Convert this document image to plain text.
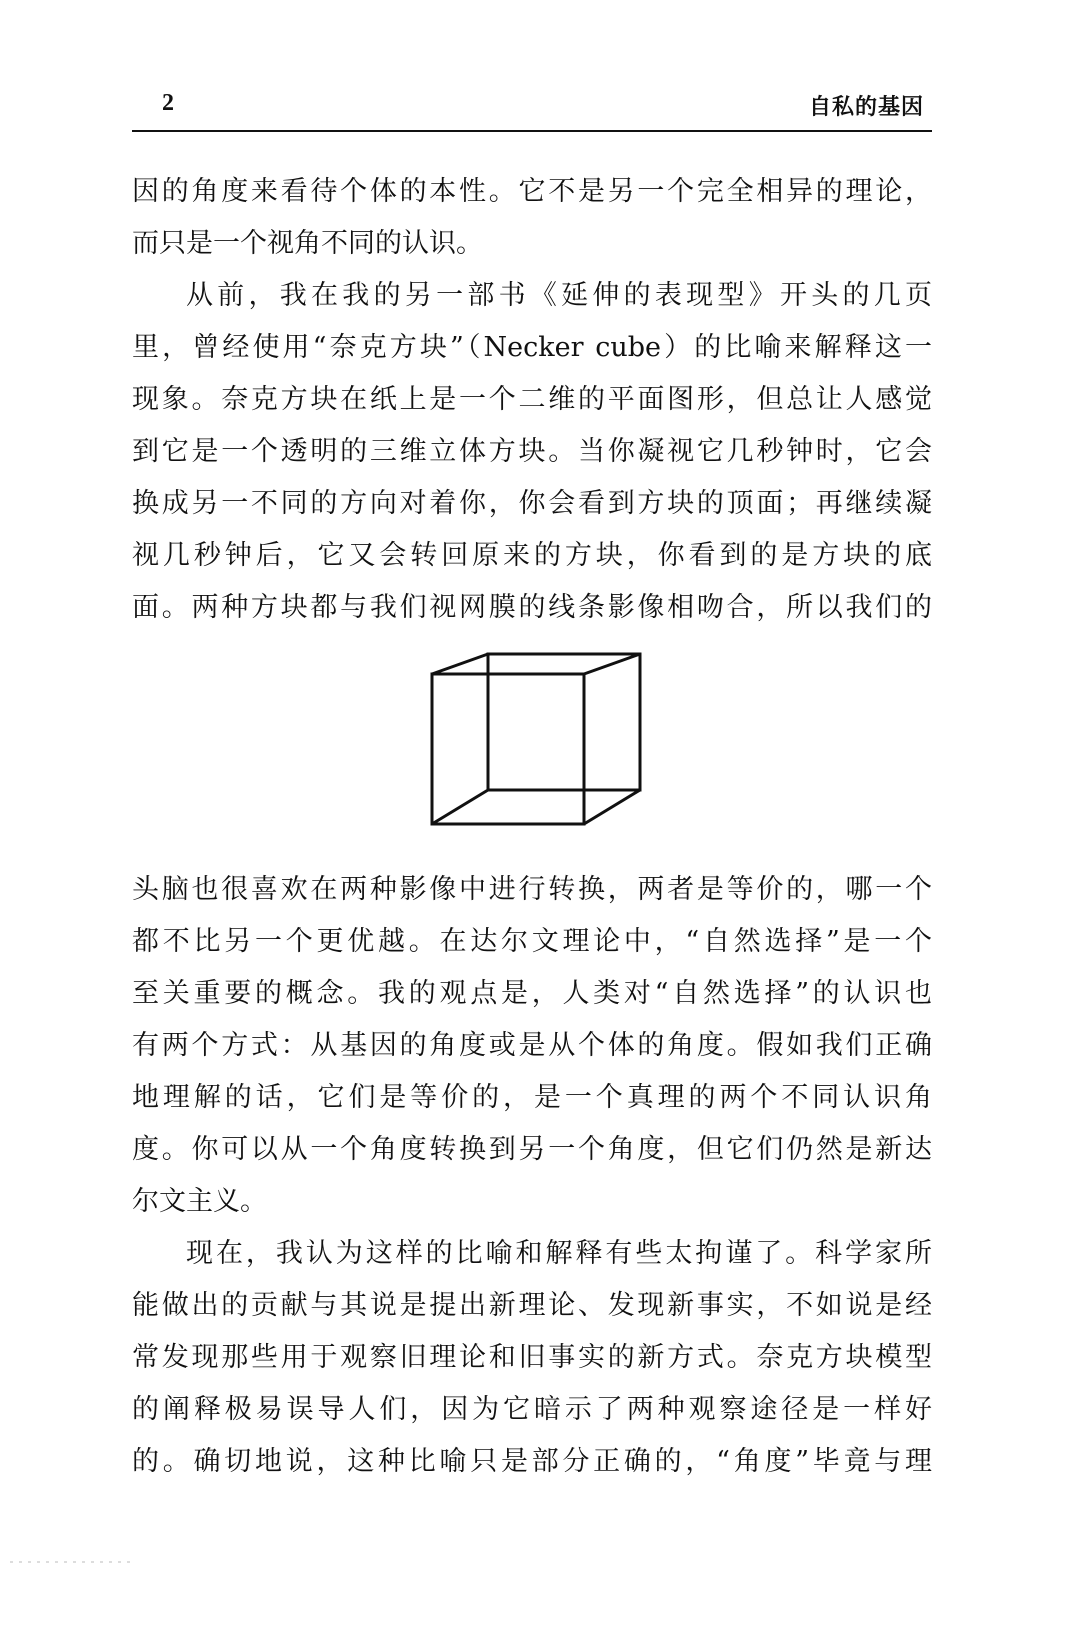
2	自私的基因
因的角度来看待个体的本性。它不是另一个完全相异的理论，
而只是一个视角不同的认识。
从前，我在我的另一部书《延伸的表现型》开头的几页
里，曾经使用“奈克方块”（Necker cube）的比喻来解释这一
现象。奈克方块在纸上是一个二维的平面图形，但总让人感觉
到它是一个透明的三维立体方块。当你凝视它几秒钟时，它会
换成另一不同的方向对着你，你会看到方块的顶面；再继续凝
视几秒钟后，它又会转回原来的方块，你看到的是方块的底
面。两种方块都与我们视网膜的线条影像相吻合，所以我们的
头脑也很喜欢在两种影像中进行转换，两者是等价的，哪一个
都不比另一个更优越。在达尔文理论中，“自然选择”是一个
至关重要的概念。我的观点是，人类对“自然选择”的认识也
有两个方式：从基因的角度或是从个体的角度。假如我们正确
地理解的话，它们是等价的，是一个真理的两个不同认识角
度。你可以从一个角度转换到另一个角度，但它们仍然是新达
尔文主义。
现在，我认为这样的比喻和解释有些太拘谨了。科学家所
能做出的贡献与其说是提出新理论、发现新事实，不如说是经
常发现那些用于观察旧理论和旧事实的新方式。奈克方块模型
的阐释极易误导人们，因为它暗示了两种观察途径是一样好
的。确切地说，这种比喻只是部分正确的，“角度”毕竟与理
